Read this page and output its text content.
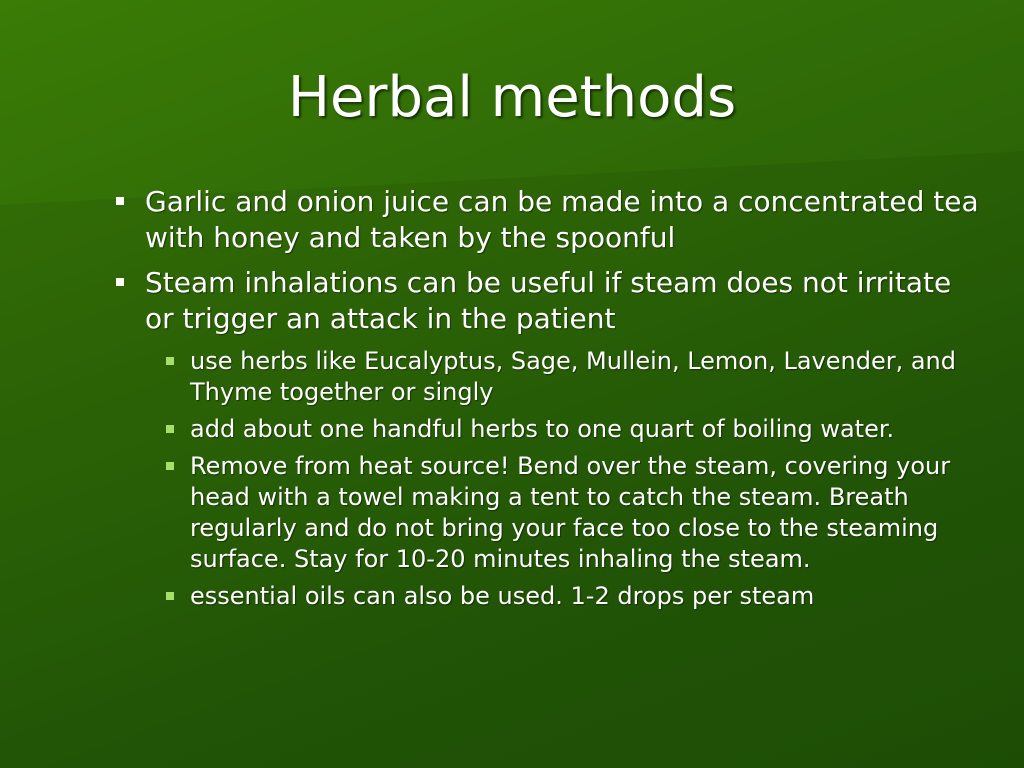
Herbal methods
Garlic and onion juice can be made into a concentrated tea with honey and taken by the spoonful
Steam inhalations can be useful if steam does not irritate or trigger an attack in the patient
use herbs like Eucalyptus, Sage, Mullein, Lemon, Lavender, and Thyme together or singly
add about one handful herbs to one quart of boiling water.
Remove from heat source! Bend over the steam, covering your head with a towel making a tent to catch the steam. Breath regularly and do not bring your face too close to the steaming surface. Stay for 10-20 minutes inhaling the steam.
essential oils can also be used. 1-2 drops per steam
